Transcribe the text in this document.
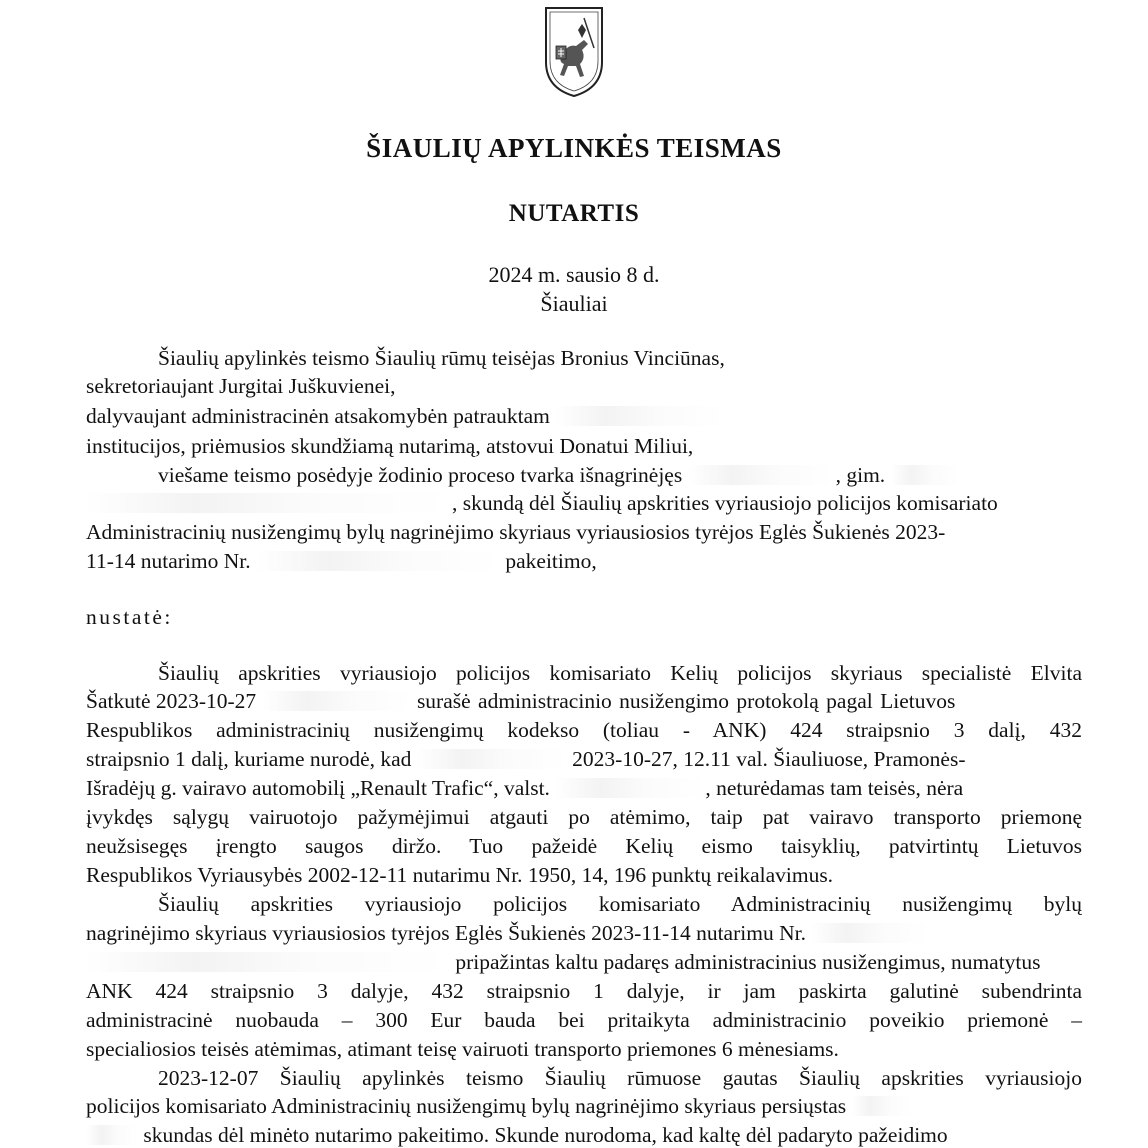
ŠIAULIŲ APYLINKĖS TEISMAS
NUTARTIS
2024 m. sausio 8 d.
Šiauliai
Šiaulių apylinkės teismo Šiaulių rūmų teisėjas Bronius Vinciūnas,
sekretoriaujant Jurgitai Juškuvienei,
dalyvaujant administracinėn atsakomybėn patrauktam
institucijos, priėmusios skundžiamą nutarimą, atstovui Donatui Miliui,
viešame teismo posėdyje žodinio proceso tvarka išnagrinėjęs	, gim.
, skundą dėl Šiaulių apskrities vyriausiojo policijos komisariato
Administracinių nusižengimų bylų nagrinėjimo skyriaus vyriausiosios tyrėjos Eglės Šukienės 2023-
11-14 nutarimo Nr.	pakeitimo,
nustatė:
Šiaulių apskrities vyriausiojo policijos komisariato Kelių policijos skyriaus specialistė Elvita
Šatkutė 2023-10-27	surašė administracinio nusižengimo protokolą pagal Lietuvos
Respublikos administracinių nusižengimų kodekso (toliau - ANK) 424 straipsnio 3 dalį, 432
straipsnio 1 dalį, kuriame nurodė, kad	2023-10-27, 12.11 val. Šiauliuose, Pramonės-
Išradėjų g. vairavo automobilį „Renault Trafic“, valst.	, neturėdamas tam teisės, nėra
įvykdęs sąlygų vairuotojo pažymėjimui atgauti po atėmimo, taip pat vairavo transporto priemonę
neužsisegęs įrengto saugos diržo. Tuo pažeidė Kelių eismo taisyklių, patvirtintų Lietuvos
Respublikos Vyriausybės 2002-12-11 nutarimu Nr. 1950, 14, 196 punktų reikalavimus.
Šiaulių apskrities vyriausiojo policijos komisariato Administracinių nusižengimų bylų
nagrinėjimo skyriaus vyriausiosios tyrėjos Eglės Šukienės 2023-11-14 nutarimu Nr.
pripažintas kaltu padaręs administracinius nusižengimus, numatytus
ANK 424 straipsnio 3 dalyje, 432 straipsnio 1 dalyje, ir jam paskirta galutinė subendrinta
administracinė nuobauda – 300 Eur bauda bei pritaikyta administracinio poveikio priemonė –
specialiosios teisės atėmimas, atimant teisę vairuoti transporto priemones 6 mėnesiams.
2023-12-07 Šiaulių apylinkės teismo Šiaulių rūmuose gautas Šiaulių apskrities vyriausiojo
policijos komisariato Administracinių nusižengimų bylų nagrinėjimo skyriaus persiųstas
skundas dėl minėto nutarimo pakeitimo. Skunde nurodoma, kad kaltę dėl padaryto pažeidimo
